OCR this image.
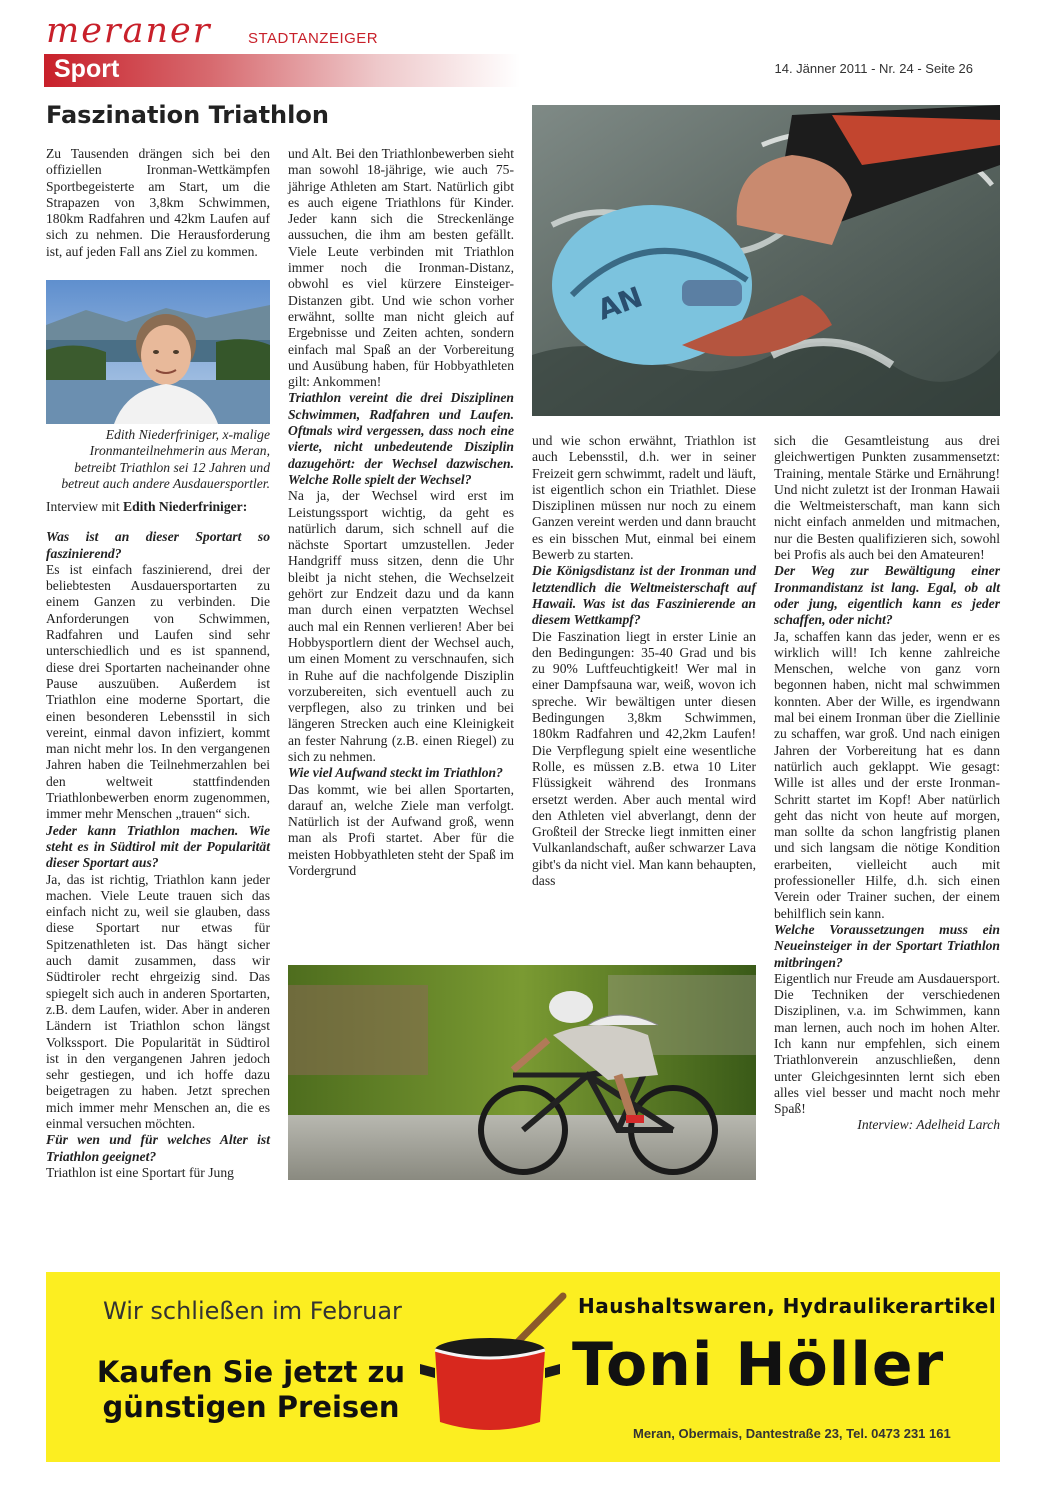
meraner STADTANZEIGER
Sport	14. Jänner 2011 - Nr. 24 - Seite 26
Faszination Triathlon

Zu Tausenden drängen sich bei den offiziellen Ironman-Wettkämpfen Sportbegeisterte am Start, um die Strapazen von 3,8km Schwimmen, 180km Radfahren und 42km Laufen auf sich zu nehmen. Die Herausforderung ist, auf jeden Fall ans Ziel zu kommen.

Edith Niederfriniger, x-malige Ironmanteilnehmerin aus Meran, betreibt Triathlon sei 12 Jahren und betreut auch andere Ausdauersportler.

Interview mit Edith Niederfriniger:

Was ist an dieser Sportart so faszinierend?

Es ist einfach faszinierend, drei der beliebtesten Ausdauersportarten zu einem Ganzen zu verbinden. Die Anforderungen von Schwimmen, Radfahren und Laufen sind sehr unterschiedlich und es ist spannend, diese drei Sportarten nacheinander ohne Pause auszuüben. Außerdem ist Triathlon eine moderne Sportart, die einen besonderen Lebensstil in sich vereint, einmal davon infiziert, kommt man nicht mehr los. In den vergangenen Jahren haben die Teilnehmerzahlen bei den weltweit stattfindenden Triathlonbewerben enorm zugenommen, immer mehr Menschen „trauen“ sich.

Jeder kann Triathlon machen. Wie steht es in Südtirol mit der Popularität dieser Sportart aus?

Ja, das ist richtig, Triathlon kann jeder machen. Viele Leute trauen sich das einfach nicht zu, weil sie glauben, dass diese Sportart nur etwas für Spitzenathleten ist. Das hängt sicher auch damit zusammen, dass wir Südtiroler recht ehrgeizig sind. Das spiegelt sich auch in anderen Sportarten, z.B. dem Laufen, wider. Aber in anderen Ländern ist Triathlon schon längst Volkssport. Die Popularität in Südtirol ist in den vergangenen Jahren jedoch sehr gestiegen, und ich hoffe dazu beigetragen zu haben. Jetzt sprechen mich immer mehr Menschen an, die es einmal versuchen möchten.

Für wen und für welches Alter ist Triathlon geeignet?

Triathlon ist eine Sportart für Jung

und Alt. Bei den Triathlonbewerben sieht man sowohl 18-jährige, wie auch 75-jährige Athleten am Start. Natürlich gibt es auch eigene Triathlons für Kinder. Jeder kann sich die Streckenlänge aussuchen, die ihm am besten gefällt. Viele Leute verbinden mit Triathlon immer noch die Ironman-Distanz, obwohl es viel kürzere Einsteiger-Distanzen gibt. Und wie schon vorher erwähnt, sollte man nicht gleich auf Ergebnisse und Zeiten achten, sondern einfach mal Spaß an der Vorbereitung und Ausübung haben, für Hobbyathleten gilt: Ankommen!

Triathlon vereint die drei Disziplinen Schwimmen, Radfahren und Laufen. Oftmals wird vergessen, dass noch eine vierte, nicht unbedeutende Disziplin dazugehört: der Wechsel dazwischen. Welche Rolle spielt der Wechsel?

Na ja, der Wechsel wird erst im Leistungssport wichtig, da geht es natürlich darum, sich schnell auf die nächste Sportart umzustellen. Jeder Handgriff muss sitzen, denn die Uhr bleibt ja nicht stehen, die Wechselzeit gehört zur Endzeit dazu und da kann man durch einen verpatzten Wechsel auch mal ein Rennen verlieren! Aber bei Hobbysportlern dient der Wechsel auch, um einen Moment zu verschnaufen, sich in Ruhe auf die nachfolgende Disziplin vorzubereiten, sich eventuell auch zu verpflegen, also zu trinken und bei längeren Strecken auch eine Kleinigkeit an fester Nahrung (z.B. einen Riegel) zu sich zu nehmen.

Wie viel Aufwand steckt im Triathlon?

Das kommt, wie bei allen Sportarten, darauf an, welche Ziele man verfolgt. Natürlich ist der Aufwand groß, wenn man als Profi startet. Aber für die meisten Hobbyathleten steht der Spaß im Vordergrund

AN

und wie schon erwähnt, Triathlon ist auch Lebensstil, d.h. wer in seiner Freizeit gern schwimmt, radelt und läuft, ist eigentlich schon ein Triathlet. Diese Disziplinen müssen nur noch zu einem Ganzen vereint werden und dann braucht es ein bisschen Mut, einmal bei einem Bewerb zu starten.

Die Königsdistanz ist der Ironman und letztendlich die Weltmeisterschaft auf Hawaii. Was ist das Faszinierende an diesem Wettkampf?

Die Faszination liegt in erster Linie an den Bedingungen: 35-40 Grad und bis zu 90% Luftfeuchtigkeit! Wer mal in einer Dampfsauna war, weiß, wovon ich spreche. Wir bewältigen unter diesen Bedingungen 3,8km Schwimmen, 180km Radfahren und 42,2km Laufen! Die Verpflegung spielt eine wesentliche Rolle, es müssen z.B. etwa 10 Liter Flüssigkeit während des Ironmans ersetzt werden. Aber auch mental wird den Athleten viel abverlangt, denn der Großteil der Strecke liegt inmitten einer Vulkanlandschaft, außer schwarzer Lava gibt's da nicht viel. Man kann behaupten, dass

sich die Gesamtleistung aus drei gleichwertigen Punkten zusammensetzt: Training, mentale Stärke und Ernährung! Und nicht zuletzt ist der Ironman Hawaii die Weltmeisterschaft, man kann sich nicht einfach anmelden und mitmachen, nur die Besten qualifizieren sich, sowohl bei Profis als auch bei den Amateuren!

Der Weg zur Bewältigung einer Ironmandistanz ist lang. Egal, ob alt oder jung, eigentlich kann es jeder schaffen, oder nicht?

Ja, schaffen kann das jeder, wenn er es wirklich will! Ich kenne zahlreiche Menschen, welche von ganz vorn begonnen haben, nicht mal schwimmen konnten. Aber der Wille, es irgendwann mal bei einem Ironman über die Ziellinie zu schaffen, war groß. Und nach einigen Jahren der Vorbereitung hat es dann natürlich auch geklappt. Wie gesagt: Wille ist alles und der erste Ironman-Schritt startet im Kopf! Aber natürlich geht das nicht von heute auf morgen, man sollte da schon langfristig planen und sich langsam die nötige Kondition erarbeiten, vielleicht auch mit professioneller Hilfe, d.h. sich einen Verein oder Trainer suchen, der einem behilflich sein kann.

Welche Voraussetzungen muss ein Neueinsteiger in der Sportart Triathlon mitbringen?

Eigentlich nur Freude am Ausdauersport. Die Techniken der verschiedenen Disziplinen, v.a. im Schwimmen, kann man lernen, auch noch im hohen Alter. Ich kann nur empfehlen, sich einem Triathlonverein anzuschließen, denn unter Gleichgesinnten lernt sich eben alles viel besser und macht noch mehr Spaß!

Interview: Adelheid Larch

Wir schließen im Februar	Haushaltswaren, Hydraulikerartikel
Kaufen Sie jetzt zu günstigen Preisen
Toni Höller
Meran, Obermais, Dantestraße 23, Tel. 0473 231 161
